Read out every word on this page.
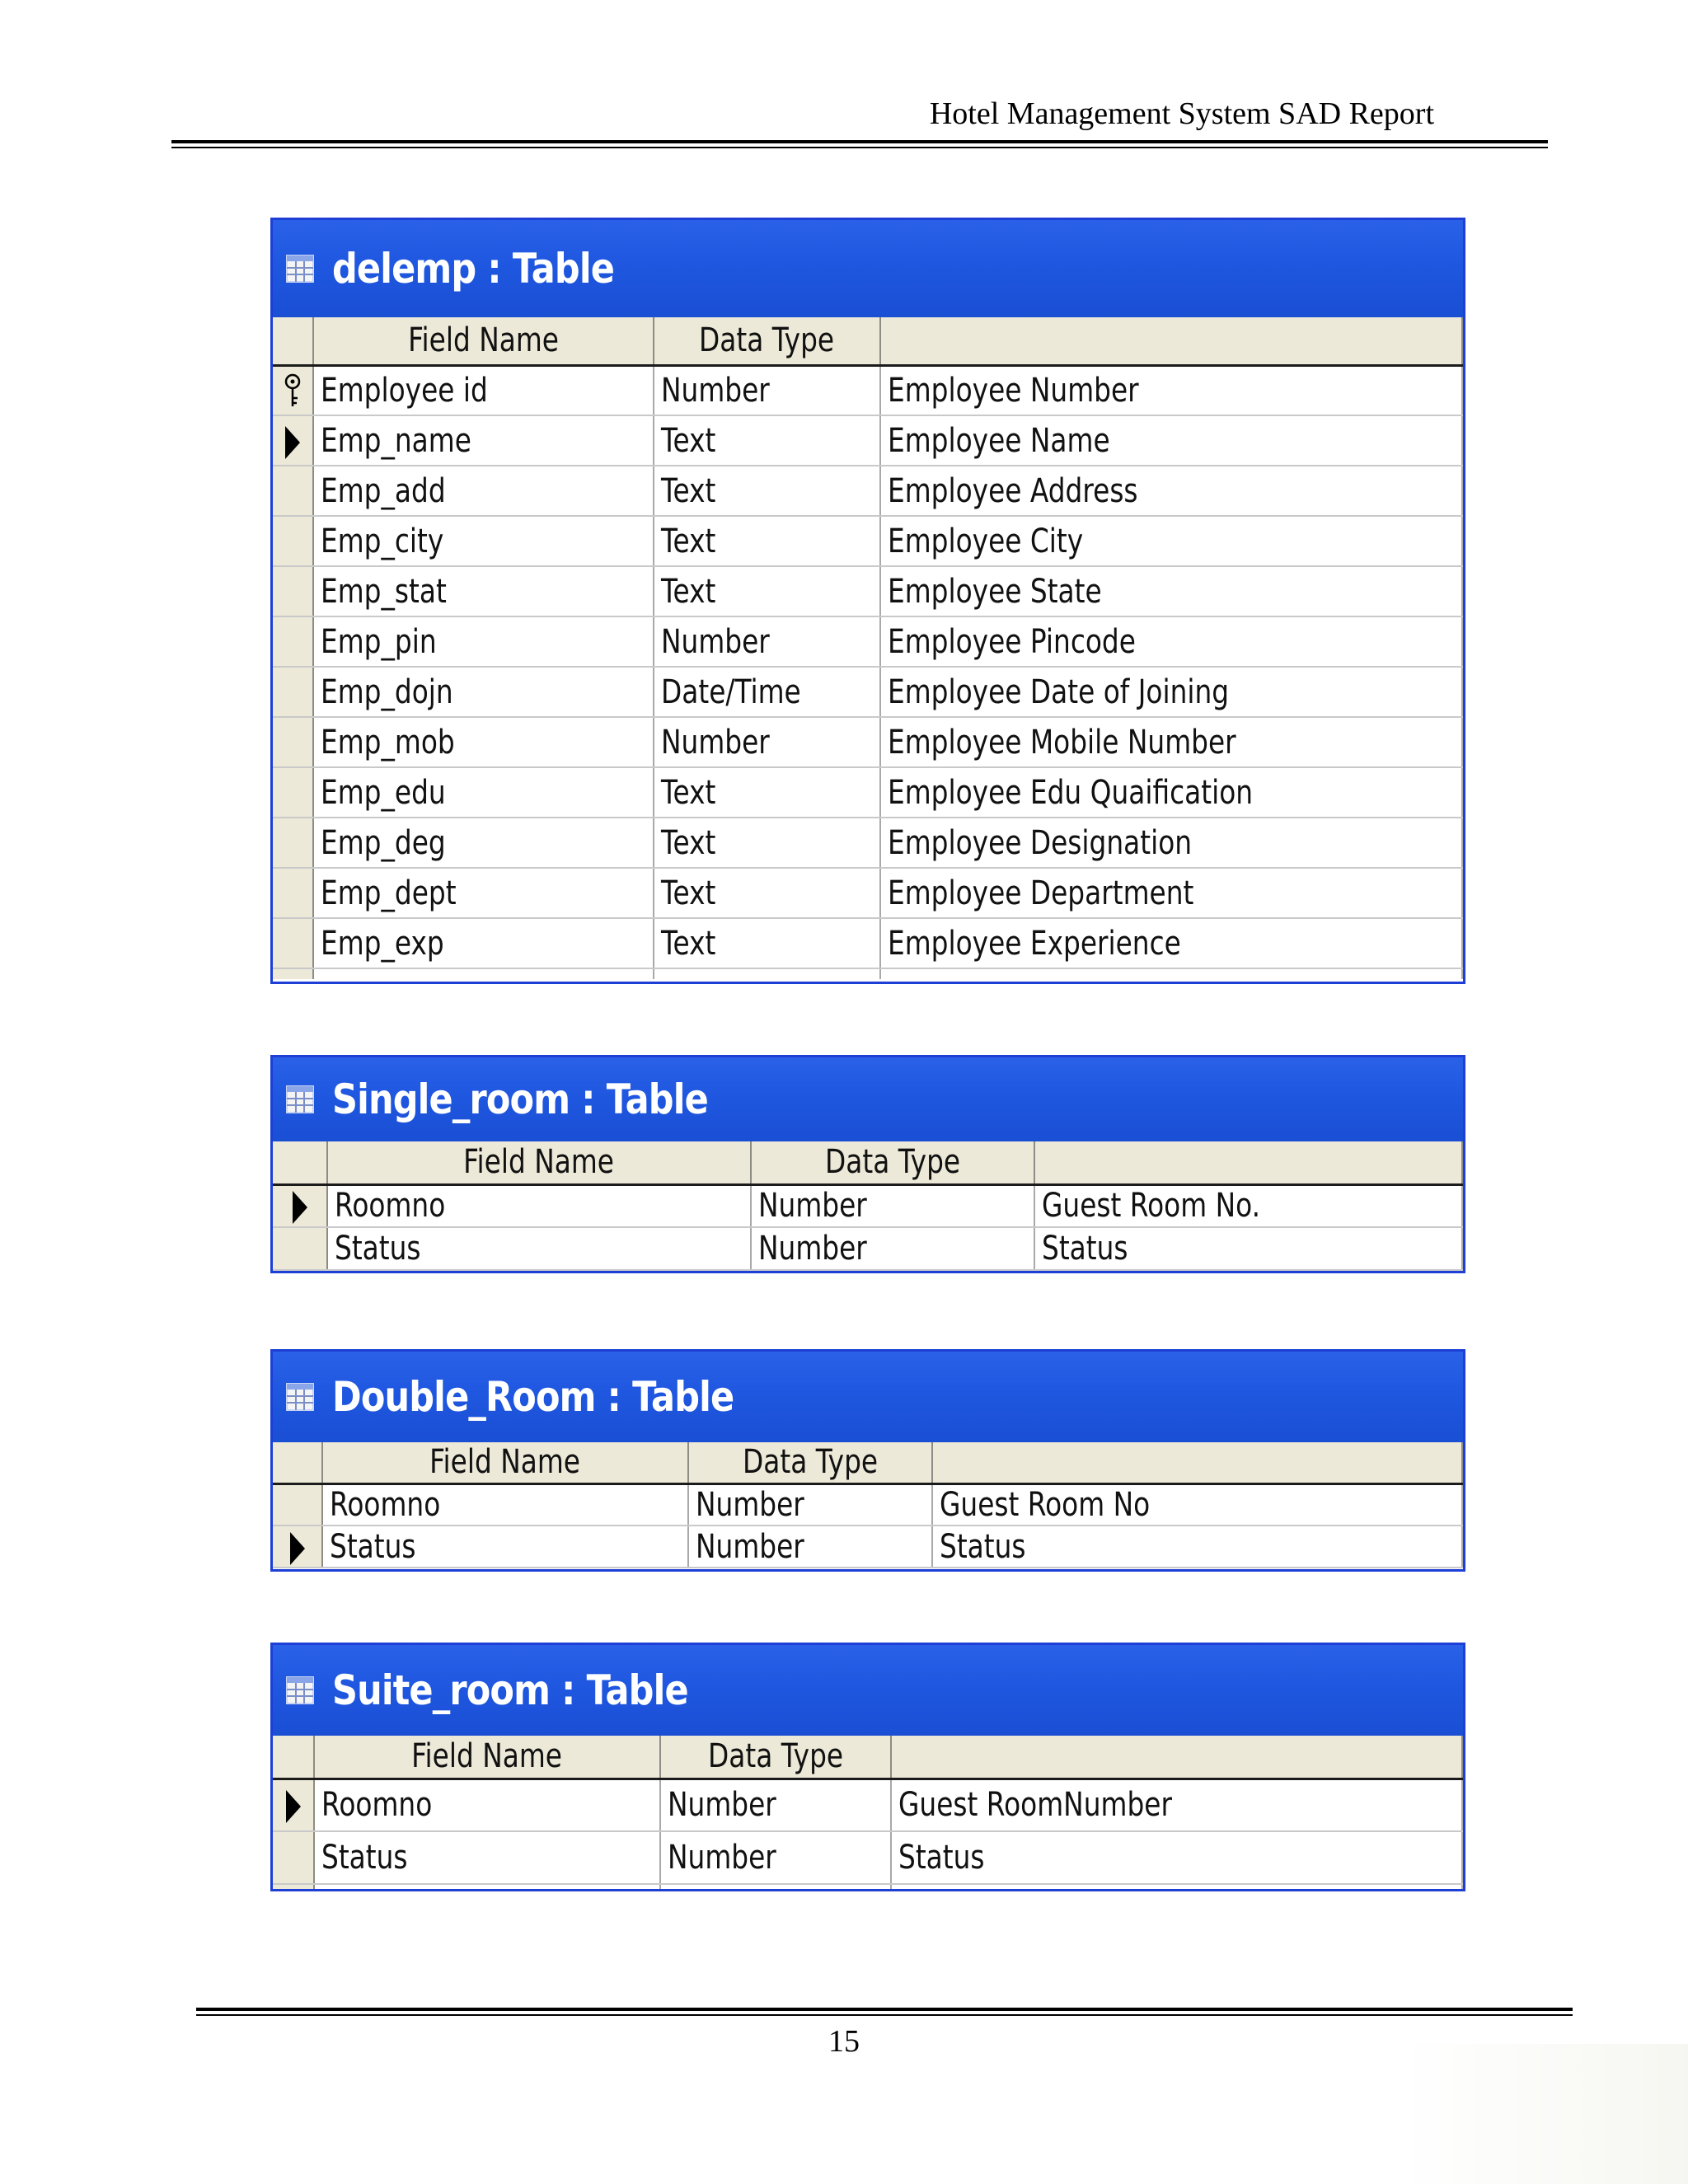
Hotel Management System SAD Report
delemp : Table
	Field Name	Data Type	
	Employee id	Number	Employee Number
	Emp_name	Text	Employee Name
	Emp_add	Text	Employee Address
	Emp_city	Text	Employee City
	Emp_stat	Text	Employee State
	Emp_pin	Number	Employee Pincode
	Emp_dojn	Date/Time	Employee Date of Joining
	Emp_mob	Number	Employee Mobile Number
	Emp_edu	Text	Employee Edu Quaification
	Emp_deg	Text	Employee Designation
	Emp_dept	Text	Employee Department
	Emp_exp	Text	Employee Experience

Single_room : Table
	Field Name	Data Type	
	Roomno	Number	Guest Room No.
	Status	Number	Status
Double_Room : Table
	Field Name	Data Type	
	Roomno	Number	Guest Room No
	Status	Number	Status
Suite_room : Table
	Field Name	Data Type	
	Roomno	Number	Guest RoomNumber
	Status	Number	Status

15
